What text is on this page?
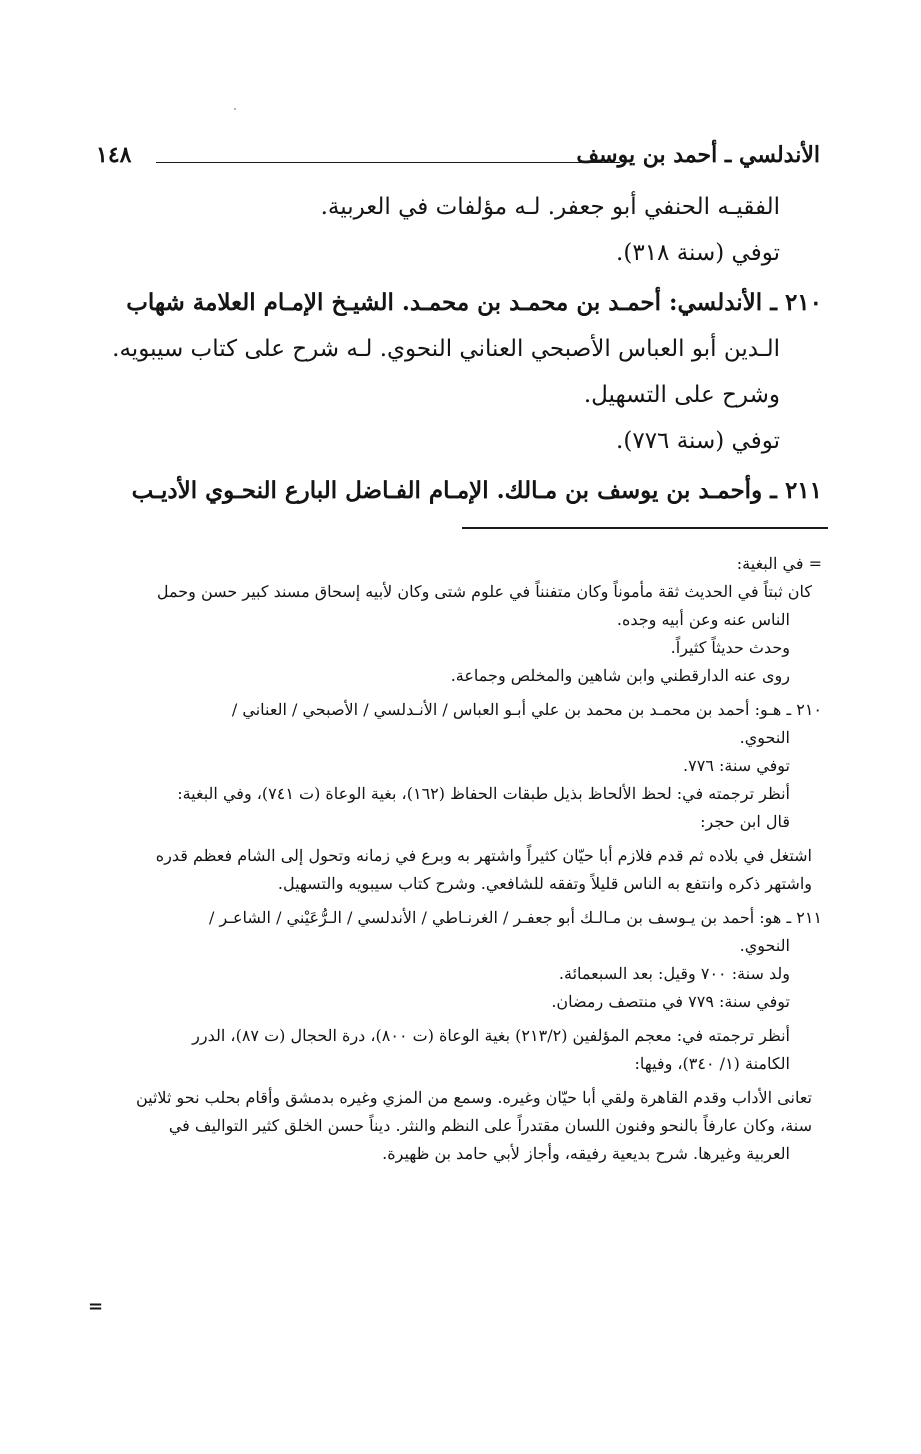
الأندلسي ـ أحمد بن يوسف
١٤٨

الفقيـه الحنفي أبو جعفر. لـه مؤلفات في العربية.

توفي (سنة ٣١٨).

٢١٠ ـ الأندلسي: أحمـد بن محمـد بن محمـد. الشيـخ الإمـام العلامة شهاب

الـدين أبو العباس الأصبحي العناني النحوي. لـه شرح على كتاب سيبويه.

وشرح على التسهيل.

توفي (سنة ٧٧٦).

٢١١ ـ وأحمـد بن يوسف بن مـالك. الإمـام الفـاضل البارع النحـوي الأديـب

= في البغية:

كان ثبتاً في الحديث ثقة مأموناً وكان متفنناً في علوم شتى وكان لأبيه إسحاق مسند كبير حسن وحمل

الناس عنه وعن أبيه وجده.

وحدث حديثاً كثيراً.

روى عنه الدارقطني وابن شاهين والمخلص وجماعة.

٢١٠ ـ هـو: أحمد بن محمـد بن محمد بن علي أبـو العباس / الأنـدلسي / الأصبحي / العناني /

النحوي.

توفي سنة: ٧٧٦.

أنظر ترجمته في: لحظ الألحاظ بذيل طبقات الحفاظ (١٦٢)، بغية الوعاة (ت ٧٤١)، وفي البغية:

قال ابن حجر:

اشتغل في بلاده ثم قدم فلازم أبا حيّان كثيراً واشتهر به وبرع في زمانه وتحول إلى الشام فعظم قدره

واشتهر ذكره وانتفع به الناس قليلاً وتفقه للشافعي. وشرح كتاب سيبويه والتسهيل.

٢١١ ـ هو: أحمد بن يـوسف بن مـالـك أبو جعفـر / الغرنـاطي / الأندلسي / الـرُّعَيْني / الشاعـر /

النحوي.

ولد سنة: ٧٠٠ وقيل: بعد السبعمائة.

توفي سنة: ٧٧٩ في منتصف رمضان.

أنظر ترجمته في: معجم المؤلفين (٢١٣/٢) بغية الوعاة (ت ٨٠٠)، درة الحجال (ت ٨٧)، الدرر

الكامنة (١/ ٣٤٠)، وفيها:

تعانى الأداب وقدم القاهرة ولقي أبا حيّان وغيره. وسمع من المزي وغيره بدمشق وأقام بحلب نحو ثلاثين

سنة، وكان عارفاً بالنحو وفنون اللسان مقتدراً على النظم والنثر. ديناً حسن الخلق كثير التواليف في

العربية وغيرها. شرح بديعية رفيقه، وأجاز لأبي حامد بن ظهيرة.

=
